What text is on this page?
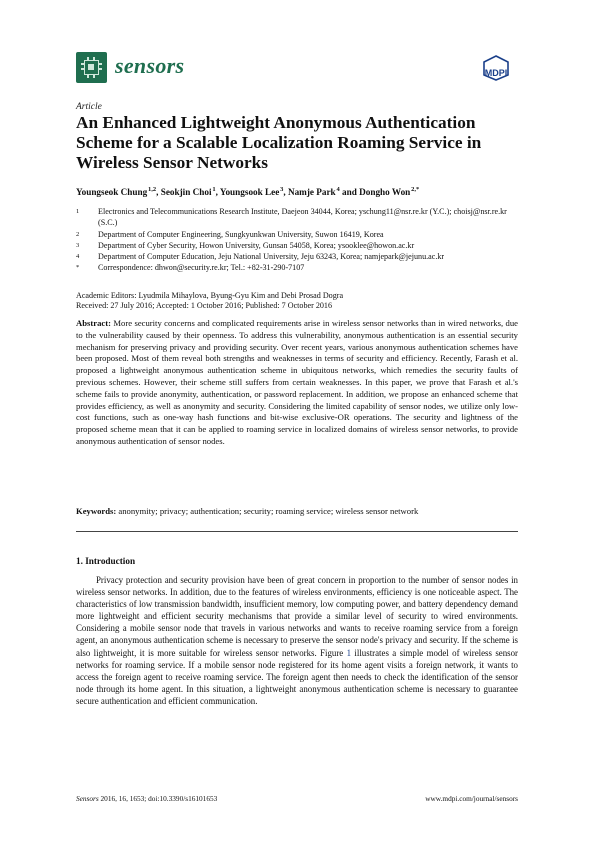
sensors	MDPI
Article
An Enhanced Lightweight Anonymous Authentication Scheme for a Scalable Localization Roaming Service in Wireless Sensor Networks
Youngseok Chung $^{1,2}$, Seokjin Choi $^1$, Youngsook Lee $^3$, Namje Park $^4$ and Dongho Won $^{2,*}$
1	Electronics and Telecommunications Research Institute, Daejeon 34044, Korea; yschung11@nsr.re.kr (Y.C.); choisj@nsr.re.kr (S.C.)
2	Department of Computer Engineering, Sungkyunkwan University, Suwon 16419, Korea
3	Department of Cyber Security, Howon University, Gunsan 54058, Korea; ysooklee@howon.ac.kr
4	Department of Computer Education, Jeju National University, Jeju 63243, Korea; namjepark@jejunu.ac.kr
*	Correspondence: dhwon@security.re.kr; Tel.: +82-31-290-7107
Academic Editors: Lyudmila Mihaylova, Byung-Gyu Kim and Debi Prosad Dogra
Received: 27 July 2016; Accepted: 1 October 2016; Published: 7 October 2016
Abstract: More security concerns and complicated requirements arise in wireless sensor networks than in wired networks, due to the vulnerability caused by their openness. To address this vulnerability, anonymous authentication is an essential security mechanism for preserving privacy and providing security. Over recent years, various anonymous authentication schemes have been proposed. Most of them reveal both strengths and weaknesses in terms of security and efficiency. Recently, Farash et al. proposed a lightweight anonymous authentication scheme in ubiquitous networks, which remedies the security faults of previous schemes. However, their scheme still suffers from certain weaknesses. In this paper, we prove that Farash et al.'s scheme fails to provide anonymity, authentication, or password replacement. In addition, we propose an enhanced scheme that provides efficiency, as well as anonymity and security. Considering the limited capability of sensor nodes, we utilize only low-cost functions, such as one-way hash functions and bit-wise exclusive-OR operations. The security and lightness of the proposed scheme mean that it can be applied to roaming service in localized domains of wireless sensor networks, to provide anonymous authentication of sensor nodes.
Keywords: anonymity; privacy; authentication; security; roaming service; wireless sensor network
1. Introduction
Privacy protection and security provision have been of great concern in proportion to the number of sensor nodes in wireless sensor networks. In addition, due to the features of wireless environments, efficiency is one noticeable aspect. The characteristics of low transmission bandwidth, insufficient memory, low computing power, and battery dependency demand more lightweight and efficient security mechanisms that provide a similar level of security to wired environments. Considering a mobile sensor node that travels in various networks and wants to receive roaming service from a foreign agent, an anonymous authentication scheme is necessary to preserve the sensor node's privacy and security. If the scheme is also lightweight, it is more suitable for wireless sensor networks. Figure 1 illustrates a simple model of wireless sensor networks for roaming service. If a mobile sensor node registered for its home agent visits a foreign network, it wants to access the foreign agent to receive roaming service. The foreign agent then needs to check the identification of the sensor node through its home agent. In this situation, a lightweight anonymous authentication scheme is necessary to guarantee secure authentication and efficient communication.
Sensors 2016, 16, 1653; doi:10.3390/s16101653	www.mdpi.com/journal/sensors
